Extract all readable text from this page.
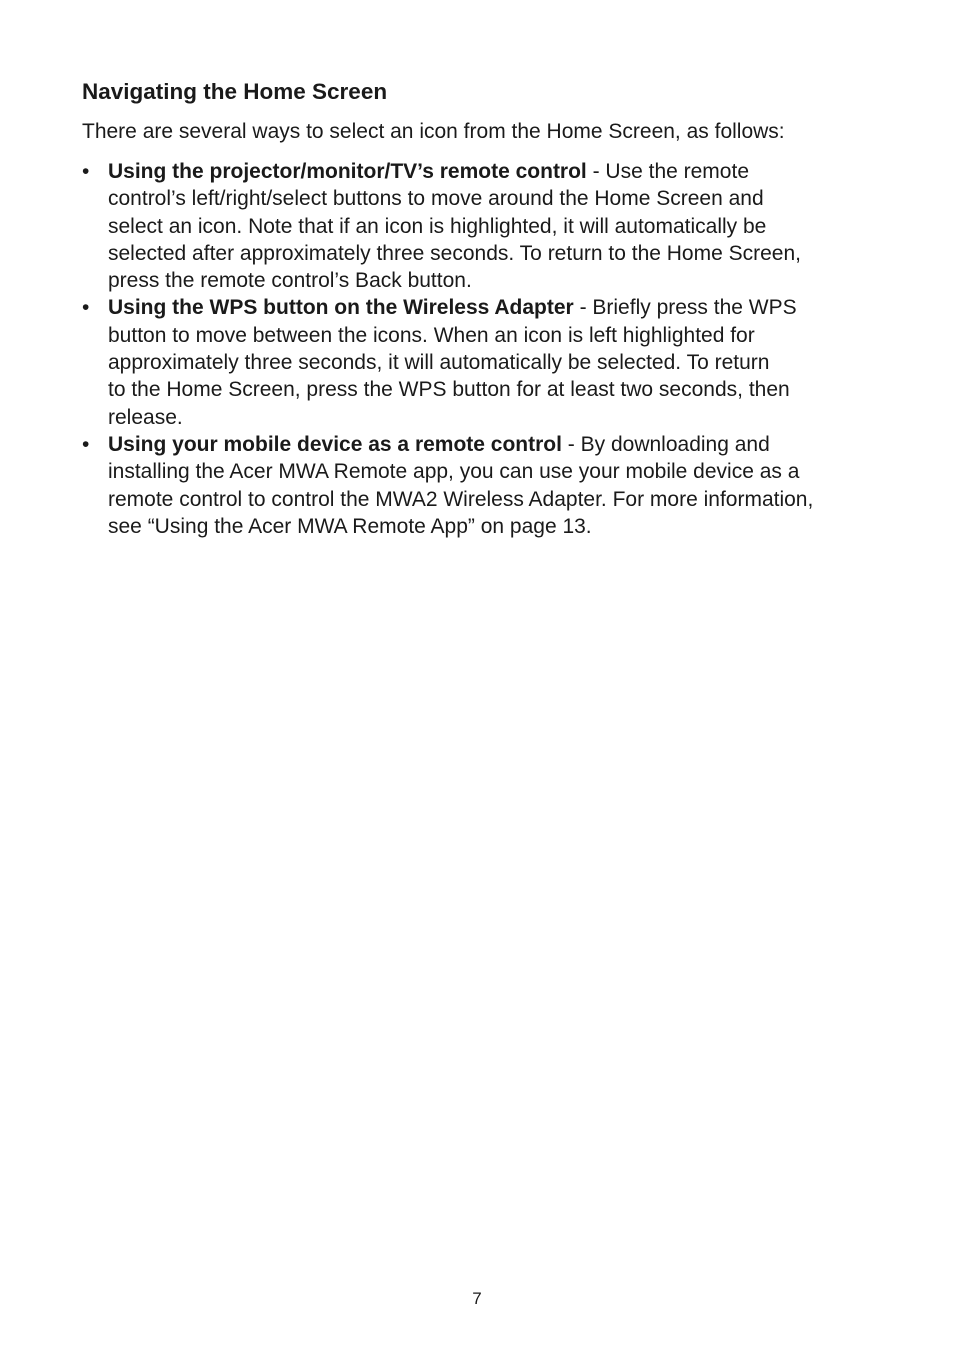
Navigating the Home Screen

There are several ways to select an icon from the Home Screen, as follows:

• Using the projector/monitor/TV’s remote control - Use the remote
control’s left/right/select buttons to move around the Home Screen and
select an icon. Note that if an icon is highlighted, it will automatically be
selected after approximately three seconds. To return to the Home Screen,
press the remote control’s Back button.
• Using the WPS button on the Wireless Adapter - Briefly press the WPS
button to move between the icons. When an icon is left highlighted for
approximately three seconds, it will automatically be selected. To return
to the Home Screen, press the WPS button for at least two seconds, then
release.
• Using your mobile device as a remote control - By downloading and
installing the Acer MWA Remote app, you can use your mobile device as a
remote control to control the MWA2 Wireless Adapter. For more information,
see “Using the Acer MWA Remote App” on page 13.

7
